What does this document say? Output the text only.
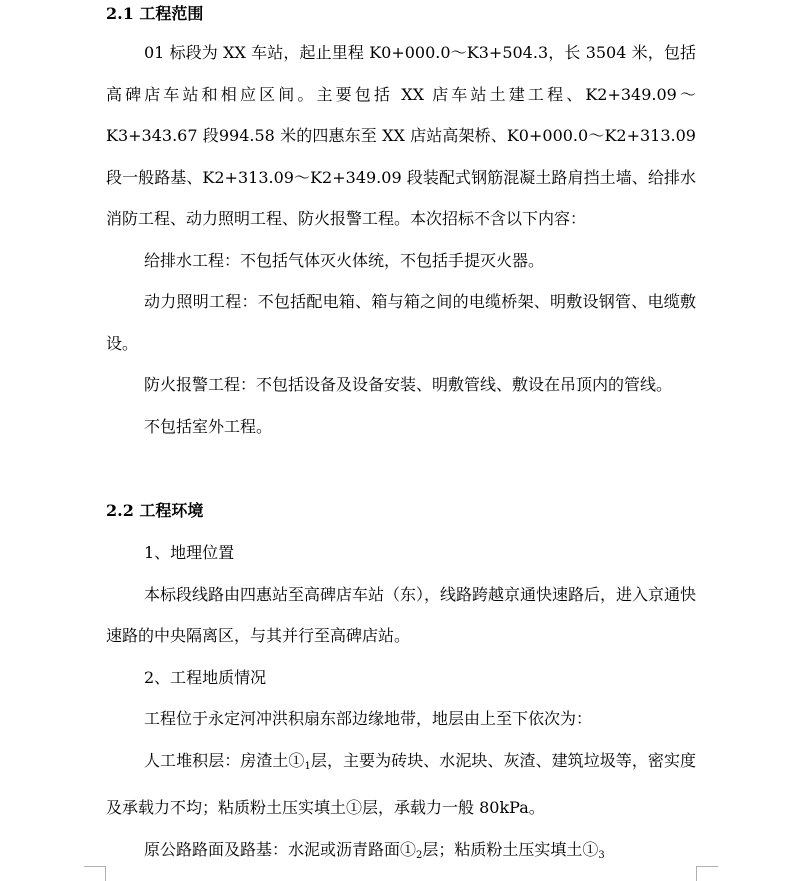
2.1 工程范围

01 标段为 XX 车站，起止里程 K0+000.0～K3+504.3，长 3504 米，包括高碑店车站和相应区间。主要包括 XX 店车站土建工程、K2+349.09～K3+343.67 段994.58 米的四惠东至 XX 店站高架桥、K0+000.0～K2+313.09 段一般路基、K2+313.09～K2+349.09 段装配式钢筋混凝土路肩挡土墙、给排水消防工程、动力照明工程、防火报警工程。本次招标不含以下内容：

给排水工程：不包括气体灭火体统，不包括手提灭火器。

动力照明工程：不包括配电箱、箱与箱之间的电缆桥架、明敷设钢管、电缆敷设。

防火报警工程：不包括设备及设备安装、明敷管线、敷设在吊顶内的管线。

不包括室外工程。

2.2 工程环境

1、地理位置

本标段线路由四惠站至高碑店车站（东），线路跨越京通快速路后，进入京通快速路的中央隔离区，与其并行至高碑店站。

2、工程地质情况

工程位于永定河冲洪积扇东部边缘地带，地层由上至下依次为：

人工堆积层：房渣土$①_1$层，主要为砖块、水泥块、灰渣、建筑垃圾等，密实度及承载力不均；粘质粉土压实填土①层，承载力一般 80kPa。

原公路路面及路基：水泥或沥青路面$①_2$层；粘质粉土压实填土$①_3$
